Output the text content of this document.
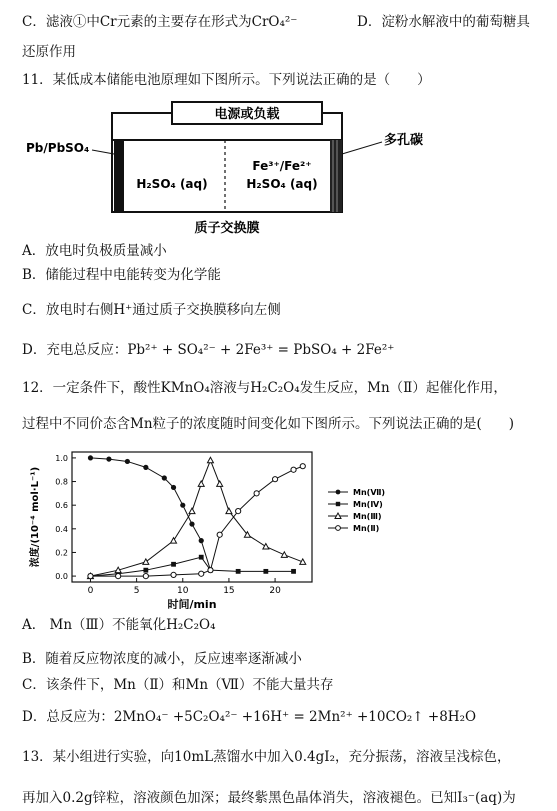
C．滤液①中Cr元素的主要存在形式为CrO₄²⁻	D．淀粉水解液中的葡萄糖具
还原作用
11．某低成本储能电池原理如下图所示。下列说法正确的是（　　）
电源或负载
Pb/PbSO₄	多孔碳
H₂SO₄ (aq)
Fe³⁺/Fe²⁺
H₂SO₄ (aq)
质子交换膜
A．放电时负极质量减小
B．储能过程中电能转变为化学能
C．放电时右侧H⁺通过质子交换膜移向左侧
D．充电总反应：Pb²⁺ + SO₄²⁻ + 2Fe³⁺ = PbSO₄ + 2Fe²⁺
12．一定条件下，酸性KMnO₄溶液与H₂C₂O₄发生反应，Mn（Ⅱ）起催化作用，
过程中不同价态含Mn粒子的浓度随时间变化如下图所示。下列说法正确的是(　　)
0.0
0.2
0.4
0.6
0.8
1.0
0	5	10	15	20
时间/min
浓度/(10⁻⁴ mol·L⁻¹)	Mn(Ⅶ)
Mn(Ⅳ)
Mn(Ⅲ)
Mn(Ⅱ)
A． Mn（Ⅲ）不能氧化H₂C₂O₄
B．随着反应物浓度的减小，反应速率逐渐减小
C．该条件下，Mn（Ⅱ）和Mn（Ⅶ）不能大量共存
D．总反应为：2MnO₄⁻ +5C₂O₄²⁻ +16H⁺ = 2Mn²⁺ +10CO₂↑ +8H₂O
13．某小组进行实验，向10mL蒸馏水中加入0.4gI₂，充分振荡，溶液呈浅棕色，
再加入0.2g锌粒，溶液颜色加深；最终紫黑色晶体消失，溶液褪色。已知I₃⁻(aq)为
